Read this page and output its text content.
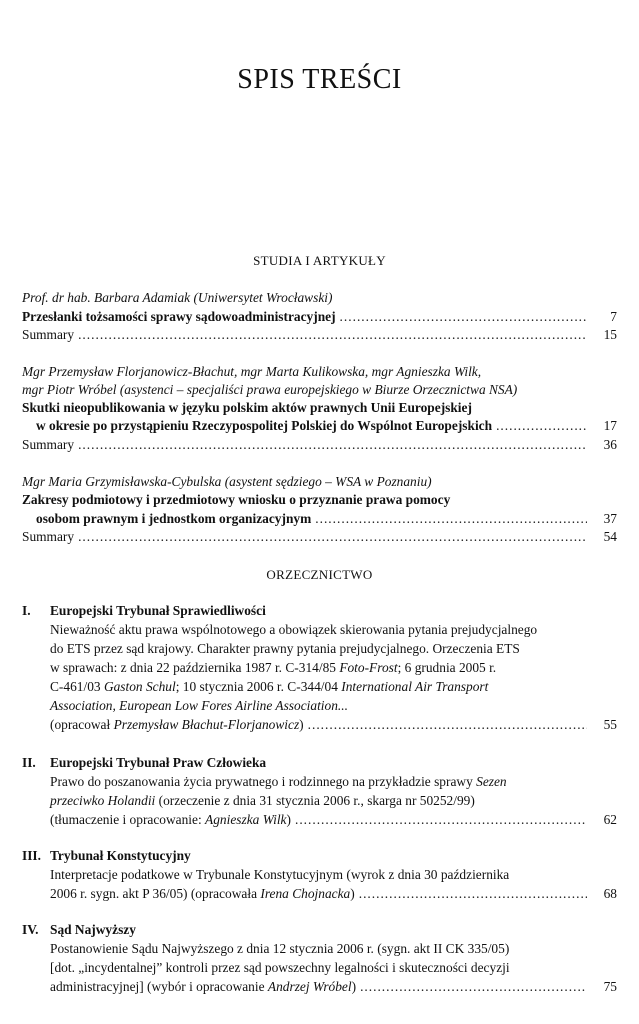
SPIS TREŚCI
STUDIA I ARTYKUŁY
Prof. dr hab. Barbara Adamiak (Uniwersytet Wrocławski)
Przesłanki tożsamości sprawy sądowoadministracyjnej .....	7
Summary .....	15
Mgr Przemysław Florjanowicz-Błachut, mgr Marta Kulikowska, mgr Agnieszka Wilk,
mgr Piotr Wróbel (asystenci – specjaliści prawa europejskiego w Biurze Orzecznictwa NSA)
Skutki nieopublikowania w języku polskim aktów prawnych Unii Europejskiej
w okresie po przystąpieniu Rzeczypospolitej Polskiej do Wspólnot Europejskich .....	17
Summary .....	36
Mgr Maria Grzymisławska-Cybulska (asystent sędziego – WSA w Poznaniu)
Zakresy podmiotowy i przedmiotowy wniosku o przyznanie prawa pomocy
osobom prawnym i jednostkom organizacyjnym .....	37
Summary .....	54
ORZECZNICTWO
I.	Europejski Trybunał Sprawiedliwości
Nieważność aktu prawa wspólnotowego a obowiązek skierowania pytania prejudycjalnego
do ETS przez sąd krajowy. Charakter prawny pytania prejudycjalnego. Orzeczenia ETS
w sprawach: z dnia 22 października 1987 r. C-314/85 Foto-Frost; 6 grudnia 2005 r.
C-461/03 Gaston Schul; 10 stycznia 2006 r. C-344/04 International Air Transport
Association, European Low Fores Airline Association...
(opracował Przemysław Błachut-Florjanowicz) .....	55
II.	Europejski Trybunał Praw Człowieka
Prawo do poszanowania życia prywatnego i rodzinnego na przykładzie sprawy Sezen
przeciwko Holandii (orzeczenie z dnia 31 stycznia 2006 r., skarga nr 50252/99)
(tłumaczenie i opracowanie: Agnieszka Wilk) .....	62
III. Trybunał Konstytucyjny
Interpretacje podatkowe w Trybunale Konstytucyjnym (wyrok z dnia 30 października
2006 r. sygn. akt P 36/05) (opracowała Irena Chojnacka) .....	68
IV. Sąd Najwyższy
Postanowienie Sądu Najwyższego z dnia 12 stycznia 2006 r. (sygn. akt II CK 335/05)
[dot. „incydentalnej” kontroli przez sąd powszechny legalności i skuteczności decyzji
administracyjnej] (wybór i opracowanie Andrzej Wróbel) .....	75
